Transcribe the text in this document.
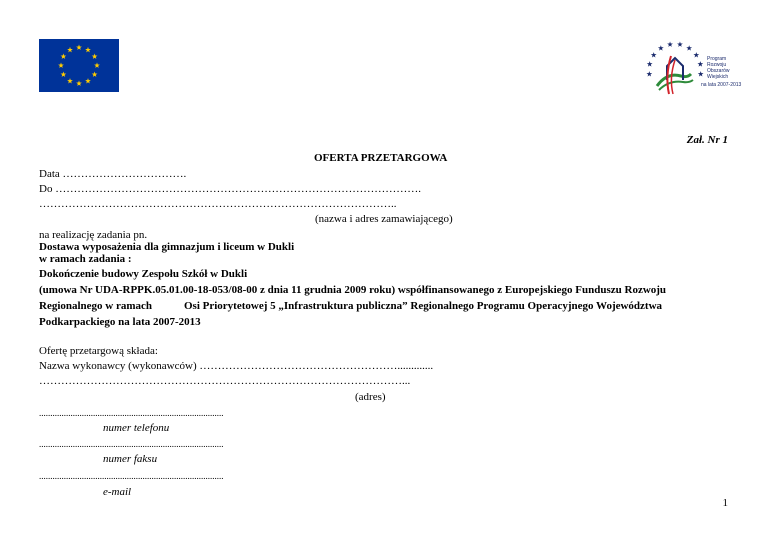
Program
Rozwoju
Obszarów
Wiejskich
na lata 2007-2013
Zał. Nr 1
OFERTA PRZETARGOWA
Data …………………………….
Do ……………………………………………………………………………………….
……………………………………………………………………………………..
(nazwa i adres zamawiającego)
na realizację zadania pn.
Dostawa wyposażenia dla gimnazjum i liceum w Dukli
w ramach zadania :
Dokończenie budowy Zespołu Szkół w Dukli
(umowa Nr UDA-RPPK.05.01.00-18-053/08-00 z dnia 11 grudnia 2009 roku) współfinansowanego z Europejskiego Funduszu Rozwoju
Regionalnego w ramach	Osi Priorytetowej 5 „Infrastruktura publiczna” Regionalnego Programu Operacyjnego Województwa
Podkarpackiego na lata 2007-2013
Ofertę przetargową składa:
Nazwa wykonawcy (wykonawców) ……………………………………………….............
………………………………………………………………………………………...
(adres)
..................................................................................
numer telefonu
..................................................................................
numer faksu
..................................................................................
e-mail
1
